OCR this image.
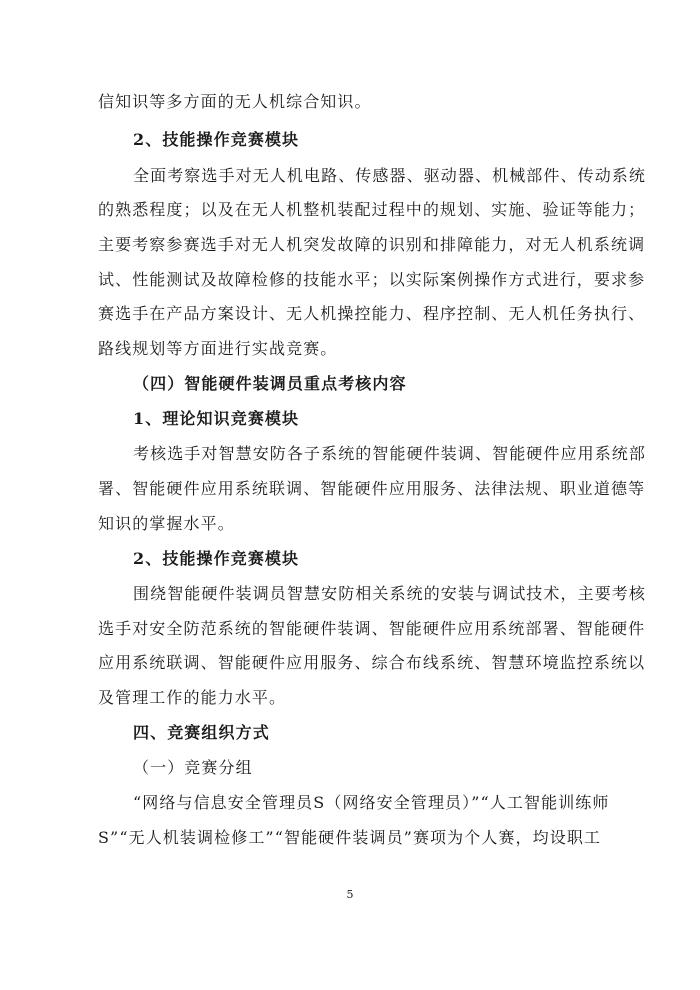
信知识等多方面的无人机综合知识。
2、技能操作竞赛模块
全面考察选手对无人机电路、传感器、驱动器、机械部件、传动系统
的熟悉程度；以及在无人机整机装配过程中的规划、实施、验证等能力；
主要考察参赛选手对无人机突发故障的识别和排障能力，对无人机系统调
试、性能测试及故障检修的技能水平；以实际案例操作方式进行，要求参
赛选手在产品方案设计、无人机操控能力、程序控制、无人机任务执行、
路线规划等方面进行实战竞赛。
（四）智能硬件装调员重点考核内容
1、理论知识竞赛模块
考核选手对智慧安防各子系统的智能硬件装调、智能硬件应用系统部
署、智能硬件应用系统联调、智能硬件应用服务、法律法规、职业道德等
知识的掌握水平。
2、技能操作竞赛模块
围绕智能硬件装调员智慧安防相关系统的安装与调试技术，主要考核
选手对安全防范系统的智能硬件装调、智能硬件应用系统部署、智能硬件
应用系统联调、智能硬件应用服务、综合布线系统、智慧环境监控系统以
及管理工作的能力水平。
四、竞赛组织方式
（一）竞赛分组
“网络与信息安全管理员S（网络安全管理员）”“人工智能训练师
S”“无人机装调检修工”“智能硬件装调员”赛项为个人赛，均设职工
5
